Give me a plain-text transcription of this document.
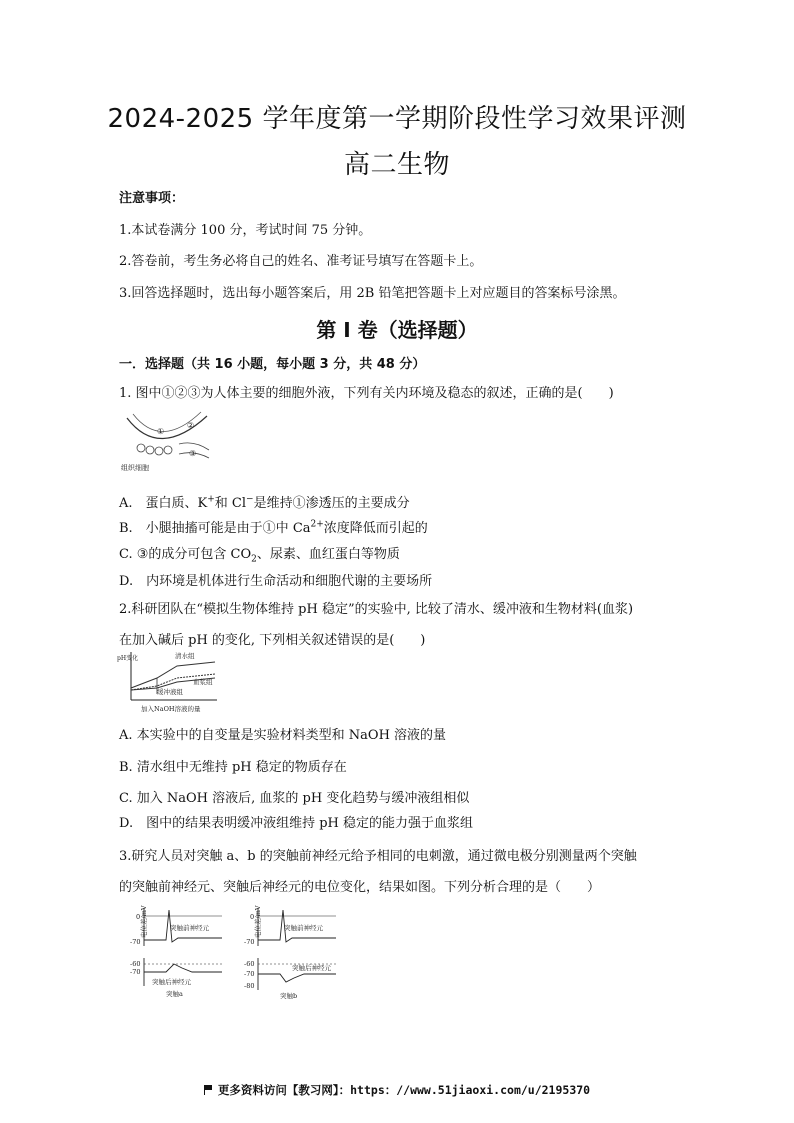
2024-2025 学年度第一学期阶段性学习效果评测
高二生物
注意事项：
1.本试卷满分 100 分，考试时间 75 分钟。
2.答卷前，考生务必将自己的姓名、准考证号填写在答题卡上。
3.回答选择题时，选出每小题答案后，用 2B 铅笔把答题卡上对应题目的答案标号涂黑。
第 I 卷（选择题）
一．选择题（共 16 小题，每小题 3 分，共 48 分）
1. 图中①②③为人体主要的细胞外液，下列有关内环境及稳态的叙述，正确的是(　　)
①
②
③
组织细胞
A.　蛋白质、K+和 Cl−是维持①渗透压的主要成分
B.　小腿抽搐可能是由于①中 $Ca^{2+}$浓度降低而引起的
C. ③的成分可包含 $CO_2$、尿素、血红蛋白等物质
D.　内环境是机体进行生命活动和细胞代谢的主要场所
2.科研团队在“模拟生物体维持 pH 稳定”的实验中, 比较了清水、缓冲液和生物材料(血浆)
在加入碱后 pH 的变化, 下列相关叙述错误的是(　　)
pH变化	清水组
血浆组
缓冲液组
加入NaOH溶液的量
A. 本实验中的自变量是实验材料类型和 NaOH 溶液的量
B. 清水组中无维持 pH 稳定的物质存在
C. 加入 NaOH 溶液后, 血浆的 pH 变化趋势与缓冲液组相似
D.　图中的结果表明缓冲液组维持 pH 稳定的能力强于血浆组
3.研究人员对突触 a、b 的突触前神经元给予相同的电刺激，通过微电极分别测量两个突触
的突触前神经元、突触后神经元的电位变化，结果如图。下列分析合理的是（　　）
电位差/mV
0
-70
突触前神经元
-60
-70
突触后神经元
突触a
电位差/mV
0
-70
突触前神经元
-60
-70
-80
突触后神经元
突触b
更多资料访问【教习网】：https：//www.51jiaoxi.com/u/2195370
